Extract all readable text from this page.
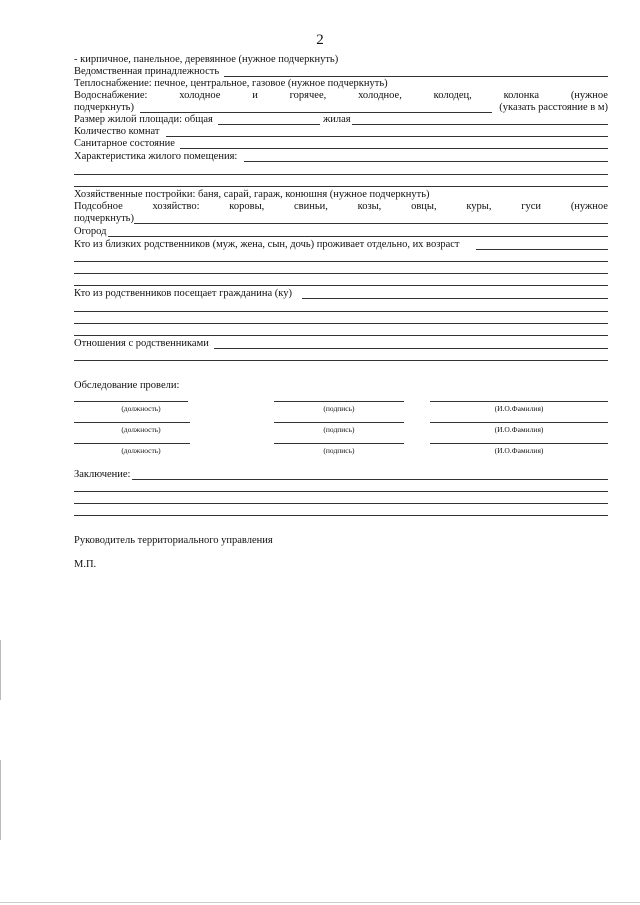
2
- кирпичное, панельное, деревянное (нужное подчеркнуть)
Ведомственная принадлежность
Теплоснабжение: печное, центральное, газовое (нужное подчеркнуть)
Водоснабжение:	холодное	и	горячее,	холодное,	колодец,	колонка	(нужное
подчеркнуть)	(указать расстояние в м)
Размер жилой площади: общая	жилая
Количество комнат
Санитарное состояние
Характеристика жилого помещения:
Хозяйственные постройки: баня, сарай, гараж, конюшня (нужное подчеркнуть)
Подсобное	хозяйство:	коровы,	свиньи,	козы,	овцы,	куры,	гуси	(нужное
подчеркнуть)
Огород
Кто из близких родственников (муж, жена, сын, дочь) проживает отдельно, их возраст
Кто из родственников посещает гражданина (ку)
Отношения с родственниками
Обследование провели:
(должность)	(подпись)	(И.О.Фамилия)
(должность)	(подпись)	(И.О.Фамилия)
(должность)	(подпись)	(И.О.Фамилия)
Заключение:
Руководитель территориального управления
М.П.
